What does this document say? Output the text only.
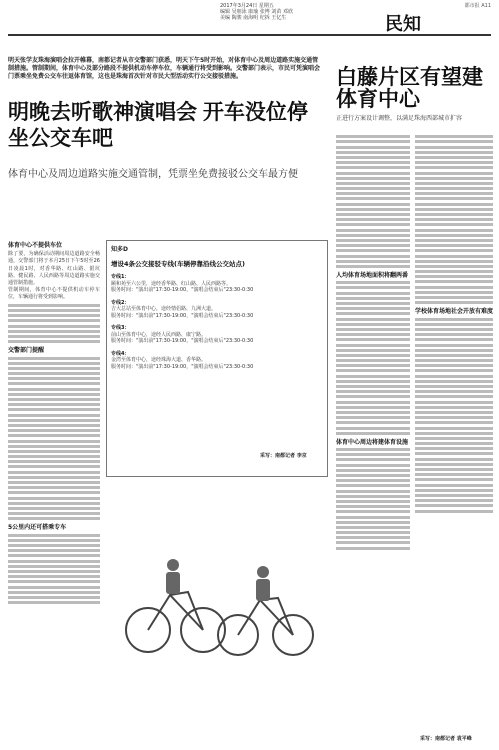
2017年3月24日 星期五
编辑 吴朋泳 康瑜 张博 刘苗 邓欣
美编 陶骏 南海明 杞拆 王亿生
都市报 A11
民知
明天张学友珠海演唱会拉开帷幕，南都记者从市交警部门获悉，明天下午5时开始，对体育中心及周边道路实施交通管制措施。管制期间，体育中心及部分路段不提供机动车停车位，车辆通行将受到影响。交警部门表示，市民可凭演唱会门票乘坐免费公交车往返体育馆，这也是珠海首次针对市民大型活动实行公交接驳措施。
明晚去听歌神演唱会 开车没位停 坐公交车吧
体育中心及周边道路实施交通管制，凭票坐免费接驳公交车最方便
体育中心不提供车位
除了要，为确保活动期间周边道路安全畅通，交警部门将于本月25日下午5时至26日凌晨1时，对香华路、红山路、银坑路、健民路、人民西路等周边道路实施交通管制措施。
管制期间，体育中心不提供机动车停车位，车辆通行将受到影响。
交警部门提醒
5公里内还可搭乘专车
知多D
增设4条公交接驳专线(车辆停靠沿线公交站点)
专线1：
颐和苑至六公里，途经香华路、红山路、人民西路等。
服务时间："演出前"17:30-19:00，"演唱会结束后"23:30-0:30
专线2：
吉大总站至体育中心，途经情侣路、九洲大道。
服务时间："演出前"17:30-19:00，"演唱会结束后"23:30-0:30
专线3：
前山至体育中心，途经人民西路、康宁路。
服务时间："演出前"17:30-19:00，"演唱会结束后"23:30-0:30
专线4：
金湾至体育中心，途经珠海大道、香华路。
服务时间："演出前"17:30-19:00，"演唱会结束后"23:30-0:30
采写：南都记者 李京
白藤片区有望建体育中心
正进行方案设计调整，以满足珠海西部城市扩容
人均体育场地面积将翻两番
体育中心周边将建体育设施
学校体育场地社会开放有难度
采写：南都记者 袁平峰
